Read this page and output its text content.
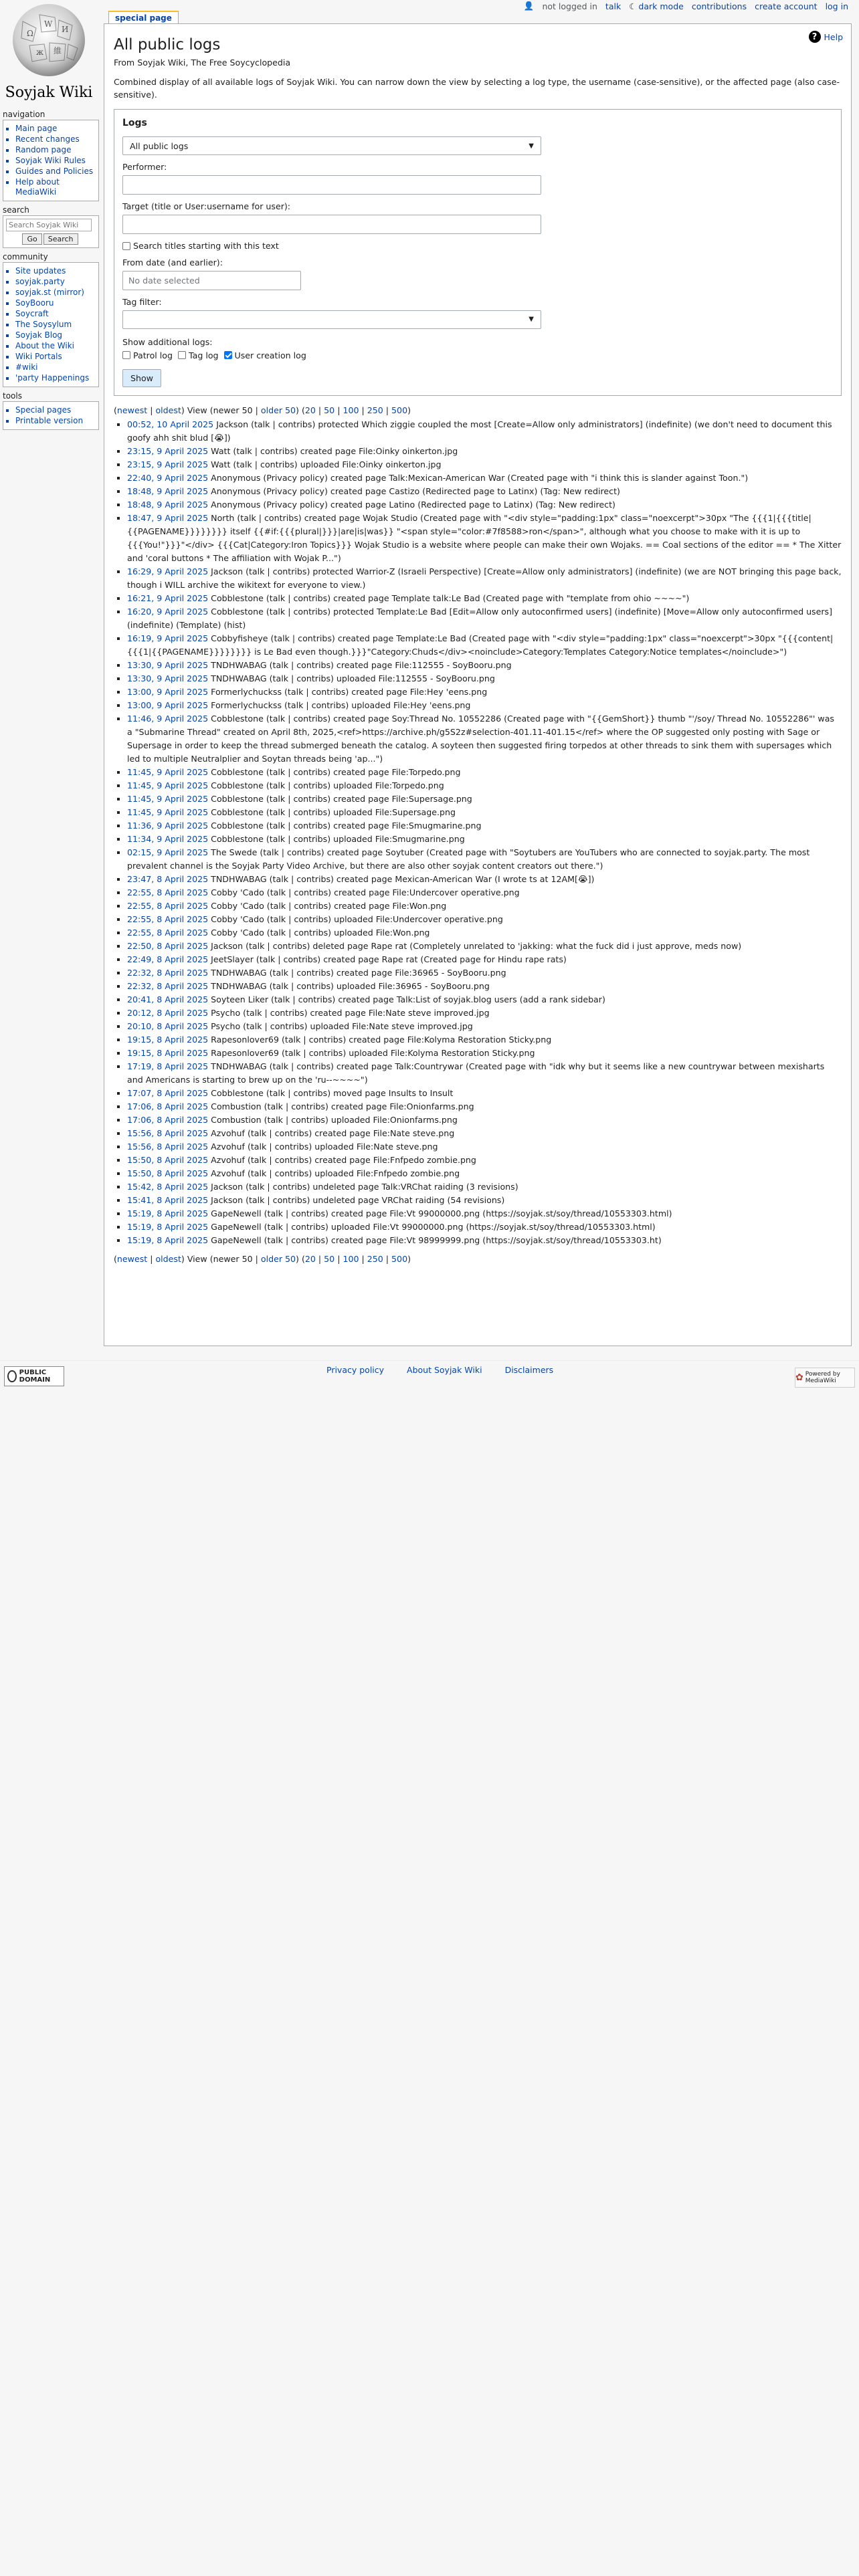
Ω
W
И
ж 維
Soyjak Wiki
👤 not logged in talk ☾ dark mode contributions create account log in
special page
navigation
▪ Main page
▪ Recent changes
▪ Random page
▪ Soyjak Wiki Rules
▪ Guides and Policies
▪ Help about MediaWiki
search
Search Soyjak Wiki
Go Search
community
▪ Site updates
▪ soyjak.party
▪ soyjak.st (mirror)
▪ SoyBooru
▪ Soycraft
▪ The Soysylum
▪ Soyjak Blog
▪ About the Wiki
▪ Wiki Portals
▪ #wiki
▪ 'party Happenings
tools
▪ Special pages
▪ Printable version
? Help
All public logs
From Soyjak Wiki, The Free Soycyclopedia
Combined display of all available logs of Soyjak Wiki. You can narrow down the view by selecting a log type, the username (case-sensitive), or the affected page (also case-sensitive).
Logs
All public logs	▼
Performer:
Target (title or User:username for user):
Search titles starting with this text
From date (and earlier):
No date selected
Tag filter:
▼
Show additional logs:
Patrol log Tag log User creation log
Show
(newest | oldest) View (newer 50 | older 50) (20 | 50 | 100 | 250 | 500)
▪ 00:52, 10 April 2025 Jackson (talk | contribs) protected Which ziggie coupled the most [Create=Allow only administrators] (indefinite) (we don't need to document this goofy ahh shit blud [😭])
▪ 23:15, 9 April 2025 Watt (talk | contribs) created page File:Oinky oinkerton.jpg
▪ 23:15, 9 April 2025 Watt (talk | contribs) uploaded File:Oinky oinkerton.jpg
▪ 22:40, 9 April 2025 Anonymous (Privacy policy) created page Talk:Mexican-American War (Created page with "i think this is slander against Toon.")
▪ 18:48, 9 April 2025 Anonymous (Privacy policy) created page Castizo (Redirected page to Latinx) (Tag: New redirect)
▪ 18:48, 9 April 2025 Anonymous (Privacy policy) created page Latino (Redirected page to Latinx) (Tag: New redirect)
▪ 18:47, 9 April 2025 North (talk | contribs) created page Wojak Studio (Created page with "<div style="padding:1px" class="noexcerpt">30px "The {{{1|{{{title|{{PAGENAME}}}}}}}} itself {{#if:{{{plural|}}}|are|is|was}} "<span style="color:#7f8588>ron</span>", although what you choose to make with it is up to {{{You!"}}}"</div> {{{Cat|Category:Iron Topics}}} Wojak Studio is a website where people can make their own Wojaks. == Coal sections of the editor == * The Xitter and 'coral buttons * The affiliation with Wojak P...")
▪ 16:29, 9 April 2025 Jackson (talk | contribs) protected Warrior-Z (Israeli Perspective) [Create=Allow only administrators] (indefinite) (we are NOT bringing this page back, though i WILL archive the wikitext for everyone to view.)
▪ 16:21, 9 April 2025 Cobblestone (talk | contribs) created page Template talk:Le Bad (Created page with "template from ohio ~~~~")
▪ 16:20, 9 April 2025 Cobblestone (talk | contribs) protected Template:Le Bad [Edit=Allow only autoconfirmed users] (indefinite) [Move=Allow only autoconfirmed users] (indefinite) (Template) (hist)
▪ 16:19, 9 April 2025 Cobbyfisheye (talk | contribs) created page Template:Le Bad (Created page with "<div style="padding:1px" class="noexcerpt">30px "{{{content|{{{1|{{PAGENAME}}}}}}}} is Le Bad even though.}}}"Category:Chuds</div><noinclude>Category:Templates Category:Notice templates</noinclude>")
▪ 13:30, 9 April 2025 TNDHWABAG (talk | contribs) created page File:112555 - SoyBooru.png
▪ 13:30, 9 April 2025 TNDHWABAG (talk | contribs) uploaded File:112555 - SoyBooru.png
▪ 13:00, 9 April 2025 Formerlychuckss (talk | contribs) created page File:Hey 'eens.png
▪ 13:00, 9 April 2025 Formerlychuckss (talk | contribs) uploaded File:Hey 'eens.png
▪ 11:46, 9 April 2025 Cobblestone (talk | contribs) created page Soy:Thread No. 10552286 (Created page with "{{GemShort}} thumb "'/soy/ Thread No. 10552286"' was a "Submarine Thread" created on April 8th, 2025,<ref>https://archive.ph/g5S2z#selection-401.11-401.15</ref> where the OP suggested only posting with Sage or Supersage in order to keep the thread submerged beneath the catalog. A soyteen then suggested firing torpedos at other threads to sink them with supersages which led to multiple Neutralplier and Soytan threads being 'ap...")
▪ 11:45, 9 April 2025 Cobblestone (talk | contribs) created page File:Torpedo.png
▪ 11:45, 9 April 2025 Cobblestone (talk | contribs) uploaded File:Torpedo.png
▪ 11:45, 9 April 2025 Cobblestone (talk | contribs) created page File:Supersage.png
▪ 11:45, 9 April 2025 Cobblestone (talk | contribs) uploaded File:Supersage.png
▪ 11:36, 9 April 2025 Cobblestone (talk | contribs) created page File:Smugmarine.png
▪ 11:34, 9 April 2025 Cobblestone (talk | contribs) uploaded File:Smugmarine.png
▪ 02:15, 9 April 2025 The Swede (talk | contribs) created page Soytuber (Created page with "Soytubers are YouTubers who are connected to soyjak.party. The most prevalent channel is the Soyjak Party Video Archive, but there are also other soyjak content creators out there.")
▪ 23:47, 8 April 2025 TNDHWABAG (talk | contribs) created page Mexican-American War (I wrote ts at 12AM[😭])
▪ 22:55, 8 April 2025 Cobby 'Cado (talk | contribs) created page File:Undercover operative.png
▪ 22:55, 8 April 2025 Cobby 'Cado (talk | contribs) created page File:Won.png
▪ 22:55, 8 April 2025 Cobby 'Cado (talk | contribs) uploaded File:Undercover operative.png
▪ 22:55, 8 April 2025 Cobby 'Cado (talk | contribs) uploaded File:Won.png
▪ 22:50, 8 April 2025 Jackson (talk | contribs) deleted page Rape rat (Completely unrelated to 'jakking: what the fuck did i just approve, meds now)
▪ 22:49, 8 April 2025 JeetSlayer (talk | contribs) created page Rape rat (Created page for Hindu rape rats)
▪ 22:32, 8 April 2025 TNDHWABAG (talk | contribs) created page File:36965 - SoyBooru.png
▪ 22:32, 8 April 2025 TNDHWABAG (talk | contribs) uploaded File:36965 - SoyBooru.png
▪ 20:41, 8 April 2025 Soyteen Liker (talk | contribs) created page Talk:List of soyjak.blog users (add a rank sidebar)
▪ 20:12, 8 April 2025 Psycho (talk | contribs) created page File:Nate steve improved.jpg
▪ 20:10, 8 April 2025 Psycho (talk | contribs) uploaded File:Nate steve improved.jpg
▪ 19:15, 8 April 2025 Rapesonlover69 (talk | contribs) created page File:Kolyma Restoration Sticky.png
▪ 19:15, 8 April 2025 Rapesonlover69 (talk | contribs) uploaded File:Kolyma Restoration Sticky.png
▪ 17:19, 8 April 2025 TNDHWABAG (talk | contribs) created page Talk:Countrywar (Created page with "idk why but it seems like a new countrywar between mexisharts and Americans is starting to brew up on the 'ru--~~~~")
▪ 17:07, 8 April 2025 Cobblestone (talk | contribs) moved page Insults to Insult
▪ 17:06, 8 April 2025 Combustion (talk | contribs) created page File:Onionfarms.png
▪ 17:06, 8 April 2025 Combustion (talk | contribs) uploaded File:Onionfarms.png
▪ 15:56, 8 April 2025 Azvohuf (talk | contribs) created page File:Nate steve.png
▪ 15:56, 8 April 2025 Azvohuf (talk | contribs) uploaded File:Nate steve.png
▪ 15:50, 8 April 2025 Azvohuf (talk | contribs) created page File:Fnfpedo zombie.png
▪ 15:50, 8 April 2025 Azvohuf (talk | contribs) uploaded File:Fnfpedo zombie.png
▪ 15:42, 8 April 2025 Jackson (talk | contribs) undeleted page Talk:VRChat raiding (3 revisions)
▪ 15:41, 8 April 2025 Jackson (talk | contribs) undeleted page VRChat raiding (54 revisions)
▪ 15:19, 8 April 2025 GapeNewell (talk | contribs) created page File:Vt 99000000.png (https://soyjak.st/soy/thread/10553303.html)
▪ 15:19, 8 April 2025 GapeNewell (talk | contribs) uploaded File:Vt 99000000.png (https://soyjak.st/soy/thread/10553303.html)
▪ 15:19, 8 April 2025 GapeNewell (talk | contribs) created page File:Vt 98999999.png (https://soyjak.st/soy/thread/10553303.ht)
(newest | oldest) View (newer 50 | older 50) (20 | 50 | 100 | 250 | 500)
PUBLIC DOMAIN
Privacy policy	About Soyjak Wiki	Disclaimers
✿ Powered by MediaWiki
